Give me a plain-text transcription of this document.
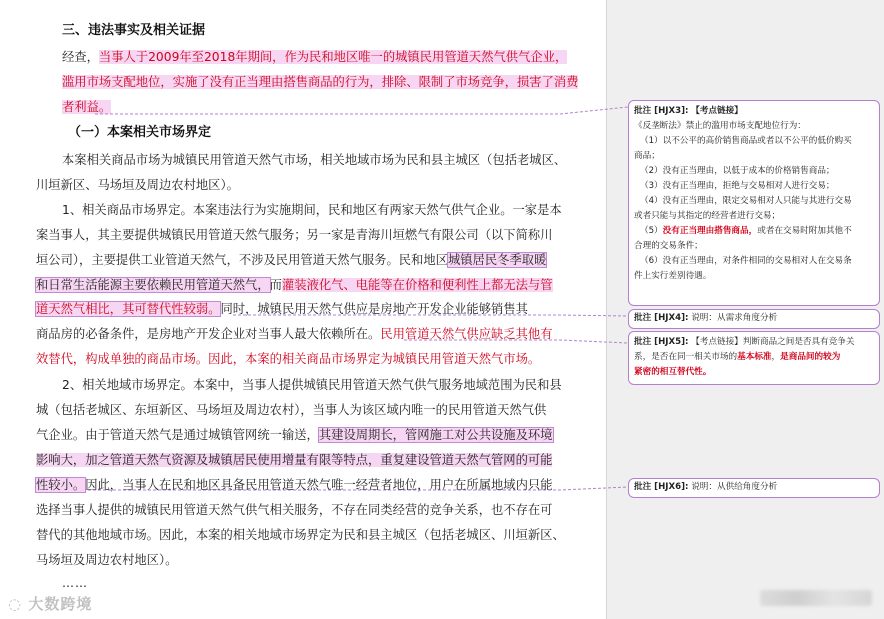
三、违法事实及相关证据
经查，当事人于2009年至2018年期间，作为民和地区唯一的城镇民用管道天然气供气企业，
滥用市场支配地位，实施了没有正当理由搭售商品的行为，排除、限制了市场竞争，损害了消费
者利益。
（一）本案相关市场界定
本案相关商品市场为城镇民用管道天然气市场，相关地域市场为民和县主城区（包括老城区、
川垣新区、马场垣及周边农村地区）。
1、相关商品市场界定。本案违法行为实施期间，民和地区有两家天然气供气企业。一家是本
案当事人，其主要提供城镇民用管道天然气服务；另一家是青海川垣燃气有限公司（以下简称川
垣公司），主要提供工业管道天然气，不涉及民用管道天然气服务。民和地区城镇居民冬季取暖
和日常生活能源主要依赖民用管道天然气，而灌装液化气、电能等在价格和便利性上都无法与管
道天然气相比，其可替代性较弱。同时，城镇民用天然气供应是房地产开发企业能够销售其
商品房的必备条件，是房地产开发企业对当事人最大依赖所在。民用管道天然气供应缺乏其他有
效替代，构成单独的商品市场。因此，本案的相关商品市场界定为城镇民用管道天然气市场。
2、相关地域市场界定。本案中，当事人提供城镇民用管道天然气供气服务地域范围为民和县
城（包括老城区、东垣新区、马场垣及周边农村），当事人为该区域内唯一的民用管道天然气供
气企业。由于管道天然气是通过城镇管网统一输送，其建设周期长，管网施工对公共设施及环境
影响大，加之管道天然气资源及城镇居民使用增量有限等特点，重复建设管道天然气管网的可能
性较小。因此，当事人在民和地区具备民用管道天然气唯一经营者地位，用户在所属地域内只能
选择当事人提供的城镇民用管道天然气供气相关服务，不存在同类经营的竞争关系，也不存在可
替代的其他地域市场。因此，本案的相关地域市场界定为民和县主城区（包括老城区、川垣新区、
马场垣及周边农村地区）。
……
批注 [HJX3]: 【考点链接】
《反垄断法》禁止的滥用市场支配地位行为：
（1）以不公平的高价销售商品或者以不公平的低价购买
商品；
（2）没有正当理由，以低于成本的价格销售商品；
（3）没有正当理由，拒绝与交易相对人进行交易；
（4）没有正当理由，限定交易相对人只能与其进行交易
或者只能与其指定的经营者进行交易；
（5）没有正当理由搭售商品，或者在交易时附加其他不
合理的交易条件；
（6）没有正当理由，对条件相同的交易相对人在交易条
件上实行差别待遇。
批注 [HJX4]: 说明：从需求角度分析
批注 [HJX5]: 【考点链接】判断商品之间是否具有竞争关
系，是否在同一相关市场的基本标准，是商品间的较为
紧密的相互替代性。
批注 [HJX6]: 说明：从供给角度分析
◌ 大数跨境
